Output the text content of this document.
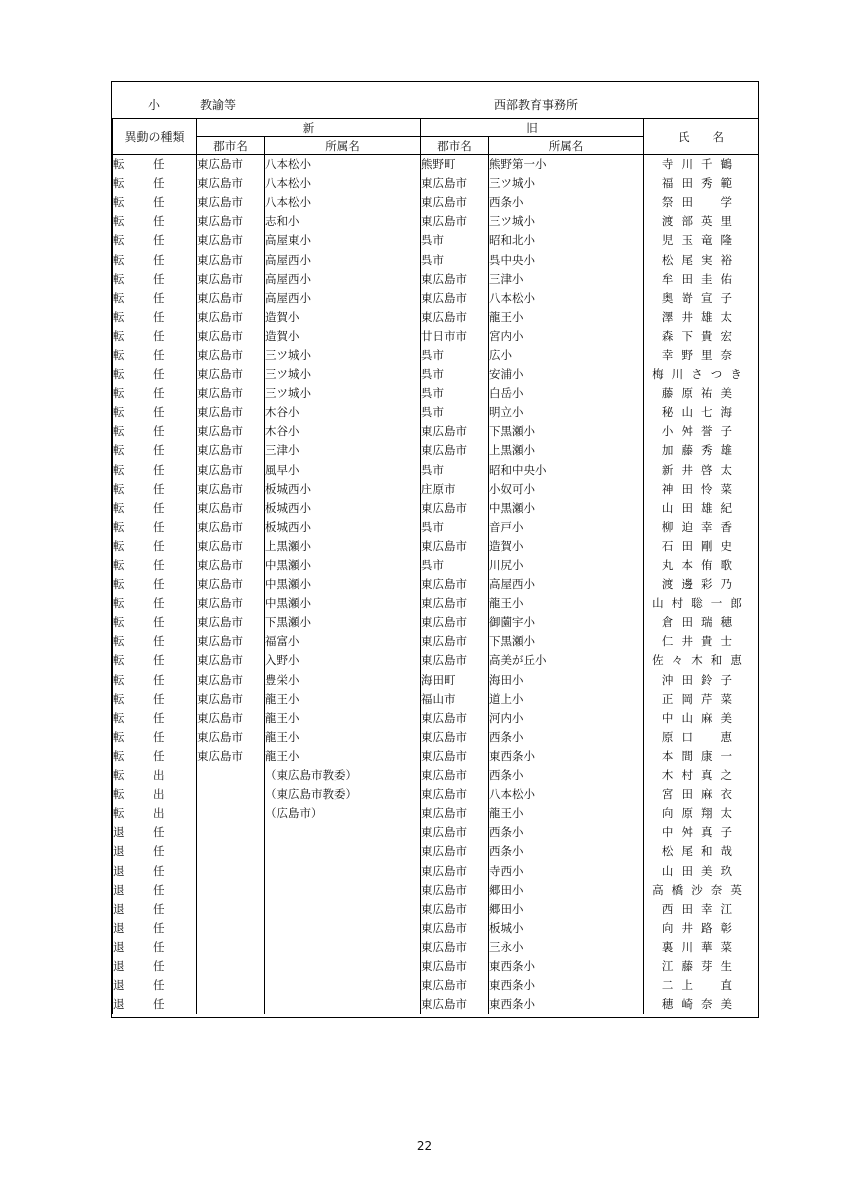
小	教諭等	西部教育事務所
異動の種類	新		旧		氏　　名
	郡市名	所属名	郡市名	所属名	
転 任	東広島市	八本松小	熊野町	熊野第一小	寺川千鶴
転 任	東広島市	八本松小	東広島市	三ツ城小	福田秀範
転 任	東広島市	八本松小	東広島市	西条小	祭田　学
転 任	東広島市	志和小	東広島市	三ツ城小	渡部英里
転 任	東広島市	高屋東小	呉市	昭和北小	児玉竜隆
転 任	東広島市	高屋西小	呉市	呉中央小	松尾実裕
転 任	東広島市	高屋西小	東広島市	三津小	牟田圭佑
転 任	東広島市	高屋西小	東広島市	八本松小	奥嵜宣子
転 任	東広島市	造賀小	東広島市	龍王小	澤井雄太
転 任	東広島市	造賀小	廿日市市	宮内小	森下貴宏
転 任	東広島市	三ツ城小	呉市	広小	幸野里奈
転 任	東広島市	三ツ城小	呉市	安浦小	梅川さつき
転 任	東広島市	三ツ城小	呉市	白岳小	藤原祐美
転 任	東広島市	木谷小	呉市	明立小	秘山七海
転 任	東広島市	木谷小	東広島市	下黒瀬小	小舛誉子
転 任	東広島市	三津小	東広島市	上黒瀬小	加藤秀雄
転 任	東広島市	風早小	呉市	昭和中央小	新井啓太
転 任	東広島市	板城西小	庄原市	小奴可小	神田怜菜
転 任	東広島市	板城西小	東広島市	中黒瀬小	山田雄紀
転 任	東広島市	板城西小	呉市	音戸小	柳迫幸香
転 任	東広島市	上黒瀬小	東広島市	造賀小	石田剛史
転 任	東広島市	中黒瀬小	呉市	川尻小	丸本侑歌
転 任	東広島市	中黒瀬小	東広島市	高屋西小	渡邊彩乃
転 任	東広島市	中黒瀬小	東広島市	龍王小	山村聡一郎
転 任	東広島市	下黒瀬小	東広島市	御薗宇小	倉田瑞穂
転 任	東広島市	福富小	東広島市	下黒瀬小	仁井貴士
転 任	東広島市	入野小	東広島市	高美が丘小	佐々木和恵
転 任	東広島市	豊栄小	海田町	海田小	沖田鈴子
転 任	東広島市	龍王小	福山市	道上小	正岡芹菜
転 任	東広島市	龍王小	東広島市	河内小	中山麻美
転 任	東広島市	龍王小	東広島市	西条小	原口　恵
転 任	東広島市	龍王小	東広島市	東西条小	本間康一
転 出		（東広島市教委）	東広島市	西条小	木村真之
転 出		（東広島市教委）	東広島市	八本松小	宮田麻衣
転 出		（広島市）	東広島市	龍王小	向原翔太
退 任			東広島市	西条小	中舛真子
退 任			東広島市	西条小	松尾和哉
退 任			東広島市	寺西小	山田美玖
退 任			東広島市	郷田小	高橋沙奈英
退 任			東広島市	郷田小	西田幸江
退 任			東広島市	板城小	向井路彰
退 任			東広島市	三永小	裏川華菜
退 任			東広島市	東西条小	江藤芽生
退 任			東広島市	東西条小	二上　直
退 任			東広島市	東西条小	穂崎奈美
22
